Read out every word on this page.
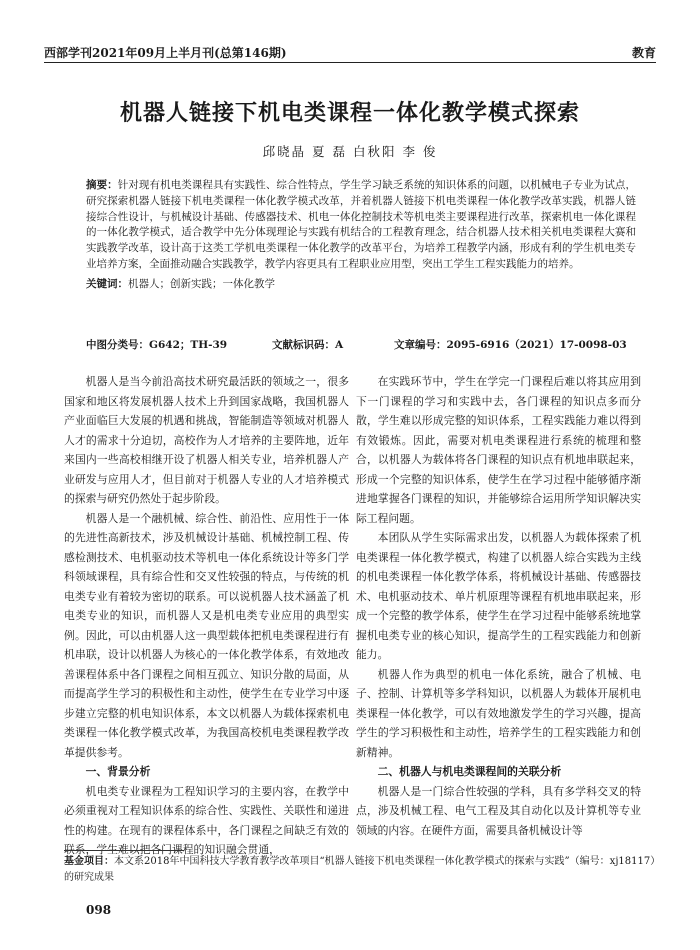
西部学刊2021年09月上半月刊(总第146期)	教育
机器人链接下机电类课程一体化教学模式探索
邱晓晶 夏 磊 白秋阳 李 俊
摘要：针对现有机电类课程具有实践性、综合性特点，学生学习缺乏系统的知识体系的问题，以机械电子专业为试点，研究探索机器人链接下机电类课程一体化教学模式改革，并着机器人链接下机电类课程一体化教学改革实践，机器人链接综合性设计，与机械设计基础、传感器技术、机电一体化控制技术等机电类主要课程进行改革，探索机电一体化课程的一体化教学模式，适合教学中先分体现理论与实践有机结合的工程教育理念，结合机器人技术相关机电类课程大赛和实践教学改革，设计高于这类工学机电类课程一体化教学的改革平台，为培养工程教学内涵，形成有利的学生机电类专业培养方案，全面推动融合实践教学，教学内容更具有工程职业应用型，突出工学生工程实践能力的培养。
关键词：机器人；创新实践；一体化教学
中图分类号：G642；TH-39	文献标识码：A	文章编号：2095-6916（2021）17-0098-03

机器人是当今前沿高技术研究最活跃的领域之一，很多国家和地区将发展机器人技术上升到国家战略，我国机器人产业面临巨大发展的机遇和挑战，智能制造等领域对机器人人才的需求十分迫切，高校作为人才培养的主要阵地，近年来国内一些高校相继开设了机器人相关专业，培养机器人产业研发与应用人才，但目前对于机器人专业的人才培养模式的探索与研究仍然处于起步阶段。

机器人是一个融机械、综合性、前沿性、应用性于一体的先进性高新技术，涉及机械设计基础、机械控制工程、传感检测技术、电机驱动技术等机电一体化系统设计等多门学科领域课程，具有综合性和交叉性较强的特点，与传统的机电类专业有着较为密切的联系。可以说机器人技术涵盖了机电类专业的知识，而机器人又是机电类专业应用的典型实例。因此，可以由机器人这一典型载体把机电类课程进行有机串联，设计以机器人为核心的一体化教学体系，有效地改善课程体系中各门课程之间相互孤立、知识分散的局面，从而提高学生学习的积极性和主动性，使学生在专业学习中逐步建立完整的机电知识体系，本文以机器人为载体探索机电类课程一体化教学模式改革，为我国高校机电类课程教学改革提供参考。

一、背景分析

机电类专业课程为工程知识学习的主要内容，在教学中必须重视对工程知识体系的综合性、实践性、关联性和递进性的构建。在现有的课程体系中，各门课程之间缺乏有效的联系，学生难以把各门课程的知识融会贯通，

在实践环节中，学生在学完一门课程后难以将其应用到下一门课程的学习和实践中去，各门课程的知识点多而分散，学生难以形成完整的知识体系，工程实践能力难以得到有效锻炼。因此，需要对机电类课程进行系统的梳理和整合，以机器人为载体将各门课程的知识点有机地串联起来，形成一个完整的知识体系，使学生在学习过程中能够循序渐进地掌握各门课程的知识，并能够综合运用所学知识解决实际工程问题。

本团队从学生实际需求出发，以机器人为载体探索了机电类课程一体化教学模式，构建了以机器人综合实践为主线的机电类课程一体化教学体系，将机械设计基础、传感器技术、电机驱动技术、单片机原理等课程有机地串联起来，形成一个完整的教学体系，使学生在学习过程中能够系统地掌握机电类专业的核心知识，提高学生的工程实践能力和创新能力。

机器人作为典型的机电一体化系统，融合了机械、电子、控制、计算机等多学科知识，以机器人为载体开展机电类课程一体化教学，可以有效地激发学生的学习兴趣，提高学生的学习积极性和主动性，培养学生的工程实践能力和创新精神。

二、机器人与机电类课程间的关联分析

机器人是一门综合性较强的学科，具有多学科交叉的特点，涉及机械工程、电气工程及其自动化以及计算机等专业领域的内容。在硬件方面，需要具备机械设计等

基金项目：本文系2018年中国科技大学教育教学改革项目“机器人链接下机电类课程一体化教学模式的探索与实践”（编号：xj18117）的研究成果
098
